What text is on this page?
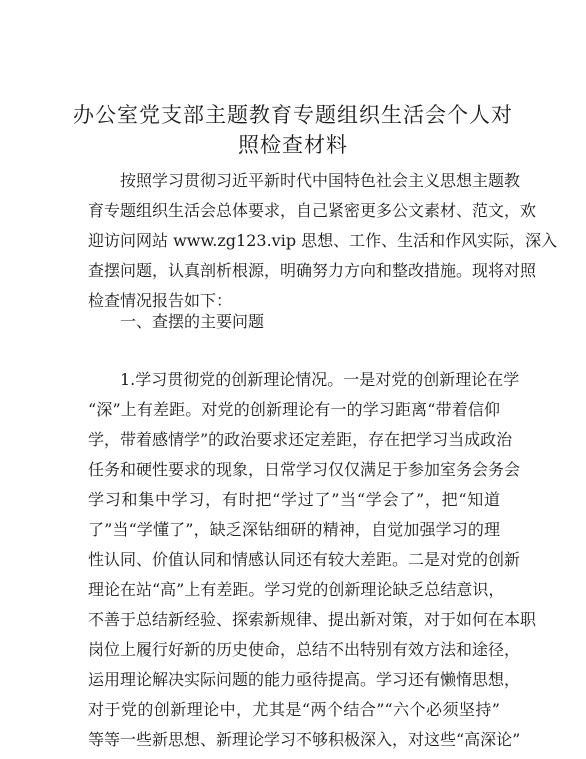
办公室党支部主题教育专题组织生活会个人对
照检查材料
按照学习贯彻习近平新时代中国特色社会主义思想主题教
育专题组织生活会总体要求，自己紧密更多公文素材、范文，欢
迎访问网站 www.zg123.vip 思想、工作、生活和作风实际，深入
查摆问题，认真剖析根源，明确努力方向和整改措施。现将对照
检查情况报告如下：
一、查摆的主要问题
1.学习贯彻党的创新理论情况。一是对党的创新理论在学
“深”上有差距。对党的创新理论有一的学习距离“带着信仰
学，带着感情学”的政治要求还定差距，存在把学习当成政治
任务和硬性要求的现象，日常学习仅仅满足于参加室务会务会
学习和集中学习，有时把“学过了”当“学会了”，把“知道
了”当“学懂了”，缺乏深钻细研的精神，自觉加强学习的理
性认同、价值认同和情感认同还有较大差距。二是对党的创新
理论在站“高”上有差距。学习党的创新理论缺乏总结意识，
不善于总结新经验、探索新规律、提出新对策，对于如何在本职
岗位上履行好新的历史使命，总结不出特别有效方法和途径，
运用理论解决实际问题的能力亟待提高。学习还有懒惰思想，
对于党的创新理论中，尤其是“两个结合”“六个必须坚持”
等等一些新思想、新理论学习不够积极深入，对这些“高深论”
